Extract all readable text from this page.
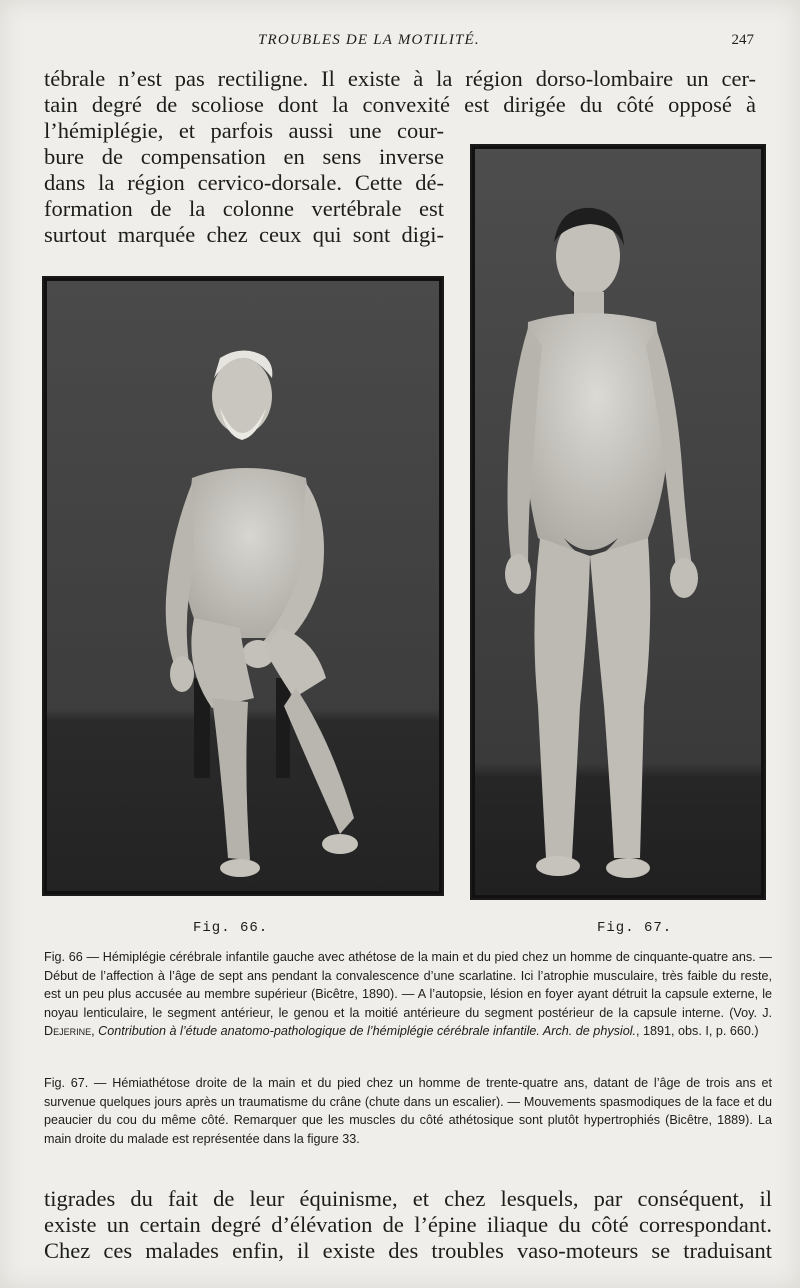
TROUBLES DE LA MOTILITÉ.	247
tébrale n’est pas rectiligne. Il existe à la région dorso-lombaire un cer-
tain degré de scoliose dont la convexité est dirigée du côté opposé à
l’hémiplégie, et parfois aussi une cour-
bure de compensation en sens inverse
dans la région cervico-dorsale. Cette dé-
formation de la colonne vertébrale est
surtout marquée chez ceux qui sont digi-
Fig. 66.	Fig. 67.
Fig. 66 — Hémiplégie cérébrale infantile gauche avec athétose de la main et du pied chez un homme de cinquante-quatre ans. — Début de l’affection à l’âge de sept ans pendant la convalescence d’une scarlatine. Ici l’atrophie musculaire, très faible du reste, est un peu plus accusée au membre supérieur (Bicêtre, 1890). — A l’autopsie, lésion en foyer ayant détruit la capsule externe, le noyau lenticulaire, le segment antérieur, le genou et la moitié antérieure du segment postérieur de la capsule interne. (Voy. J. Dejerine, Contribution à l’étude anatomo-pathologique de l’hémiplégie cérébrale infantile. Arch. de physiol., 1891, obs. I, p. 660.)
Fig. 67. — Hémiathétose droite de la main et du pied chez un homme de trente-quatre ans, datant de l’âge de trois ans et survenue quelques jours après un traumatisme du crâne (chute dans un escalier). — Mouvements spasmodiques de la face et du peaucier du cou du même côté. Remarquer que les muscles du côté athétosique sont plutôt hypertrophiés (Bicêtre, 1889). La main droite du malade est représentée dans la figure 33.
tigrades du fait de leur équinisme, et chez lesquels, par conséquent, il
existe un certain degré d’élévation de l’épine iliaque du côté correspondant.
Chez ces malades enfin, il existe des troubles vaso-moteurs se traduisant
